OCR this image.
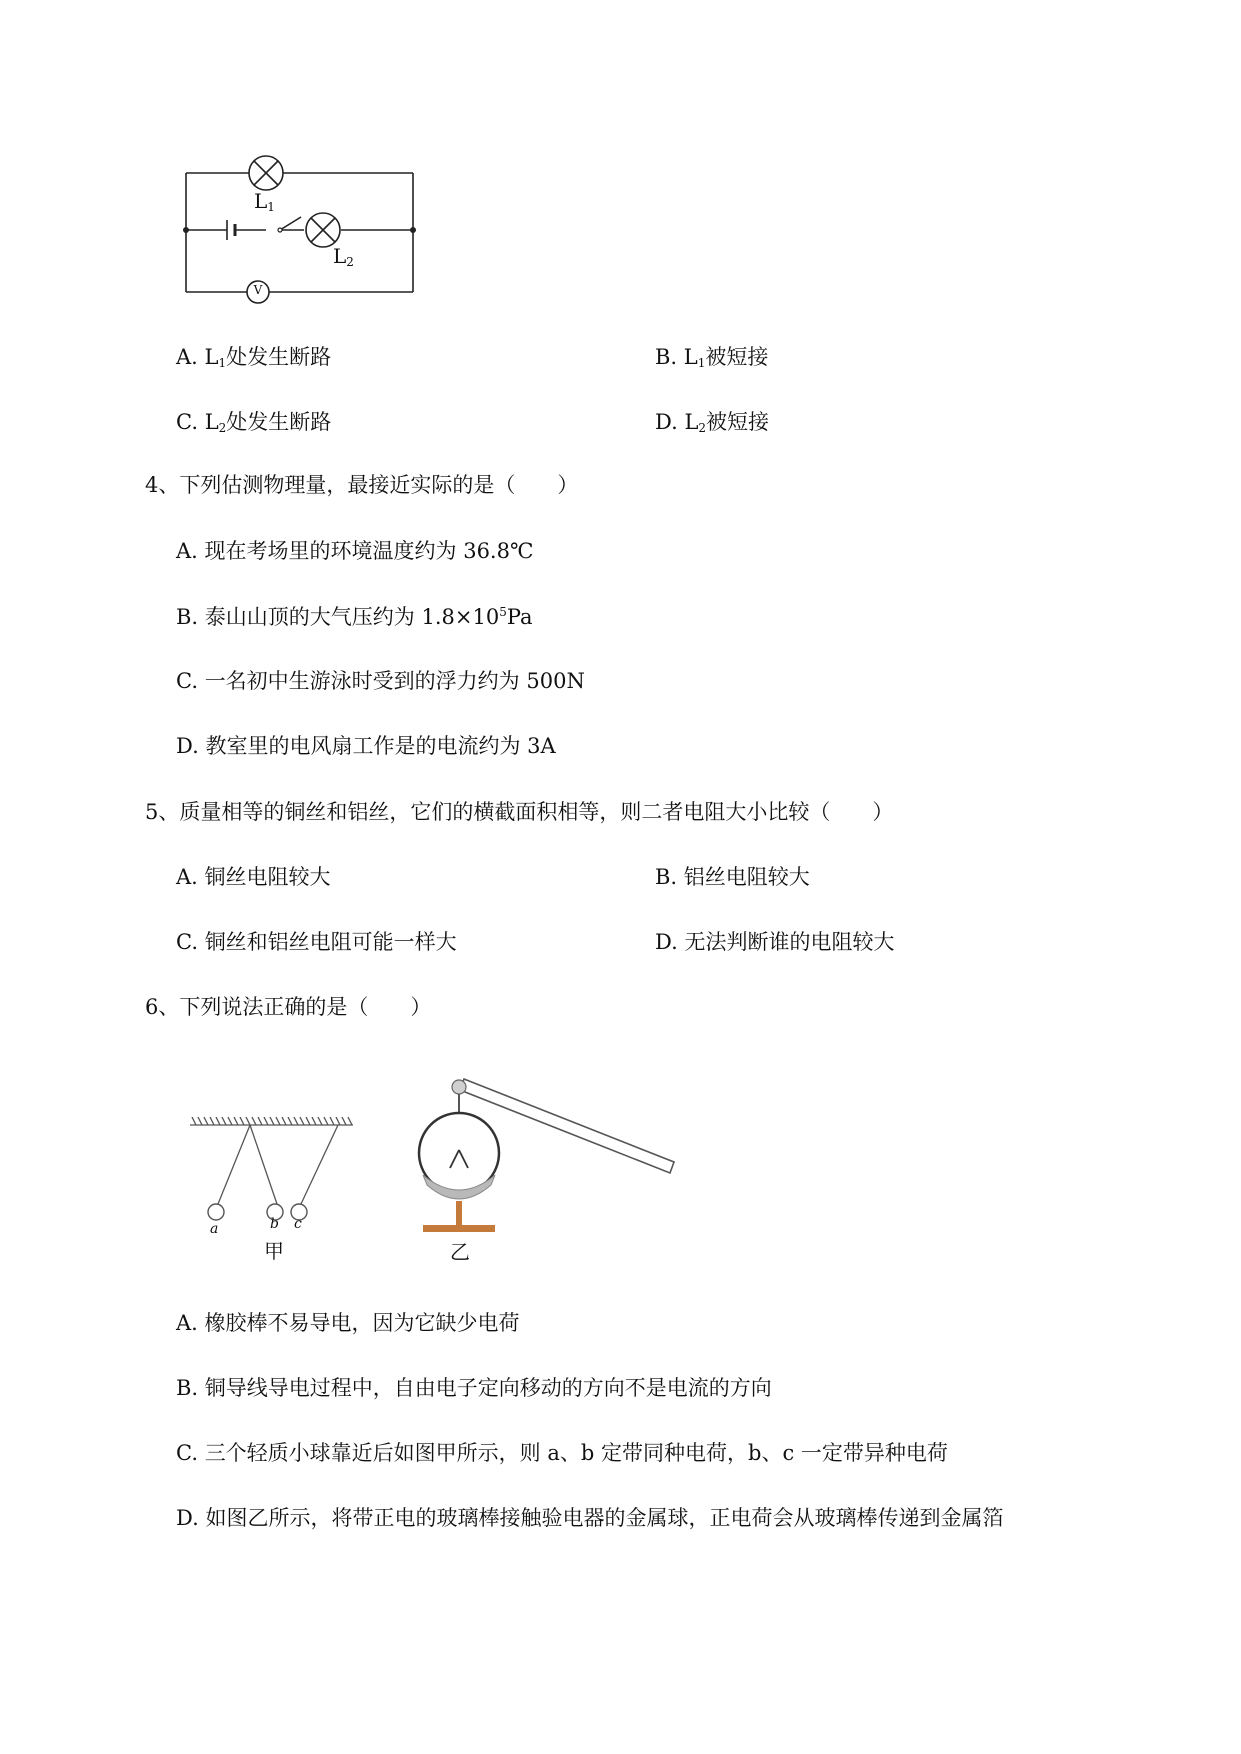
$L_1$
$L_2$
V
A. $L_1$处发生断路	B. $L_1$被短接
C. $L_2$处发生断路	D. $L_2$被短接
4、下列估测物理量，最接近实际的是（　　）
A. 现在考场里的环境温度约为 36.8℃
B. 泰山山顶的大气压约为 $1.8\times 10^5Pa$
C. 一名初中生游泳时受到的浮力约为 500N
D. 教室里的电风扇工作是的电流约为 3A
5、质量相等的铜丝和铝丝，它们的横截面积相等，则二者电阻大小比较（　　）
A. 铜丝电阻较大	B. 铝丝电阻较大
C. 铜丝和铝丝电阻可能一样大	D. 无法判断谁的电阻较大
6、下列说法正确的是（　　）
a	b c
甲	乙
A. 橡胶棒不易导电，因为它缺少电荷
B. 铜导线导电过程中，自由电子定向移动的方向不是电流的方向
C. 三个轻质小球靠近后如图甲所示，则 a、b 定带同种电荷，b、c 一定带异种电荷
D. 如图乙所示，将带正电的玻璃棒接触验电器的金属球，正电荷会从玻璃棒传递到金属箔
